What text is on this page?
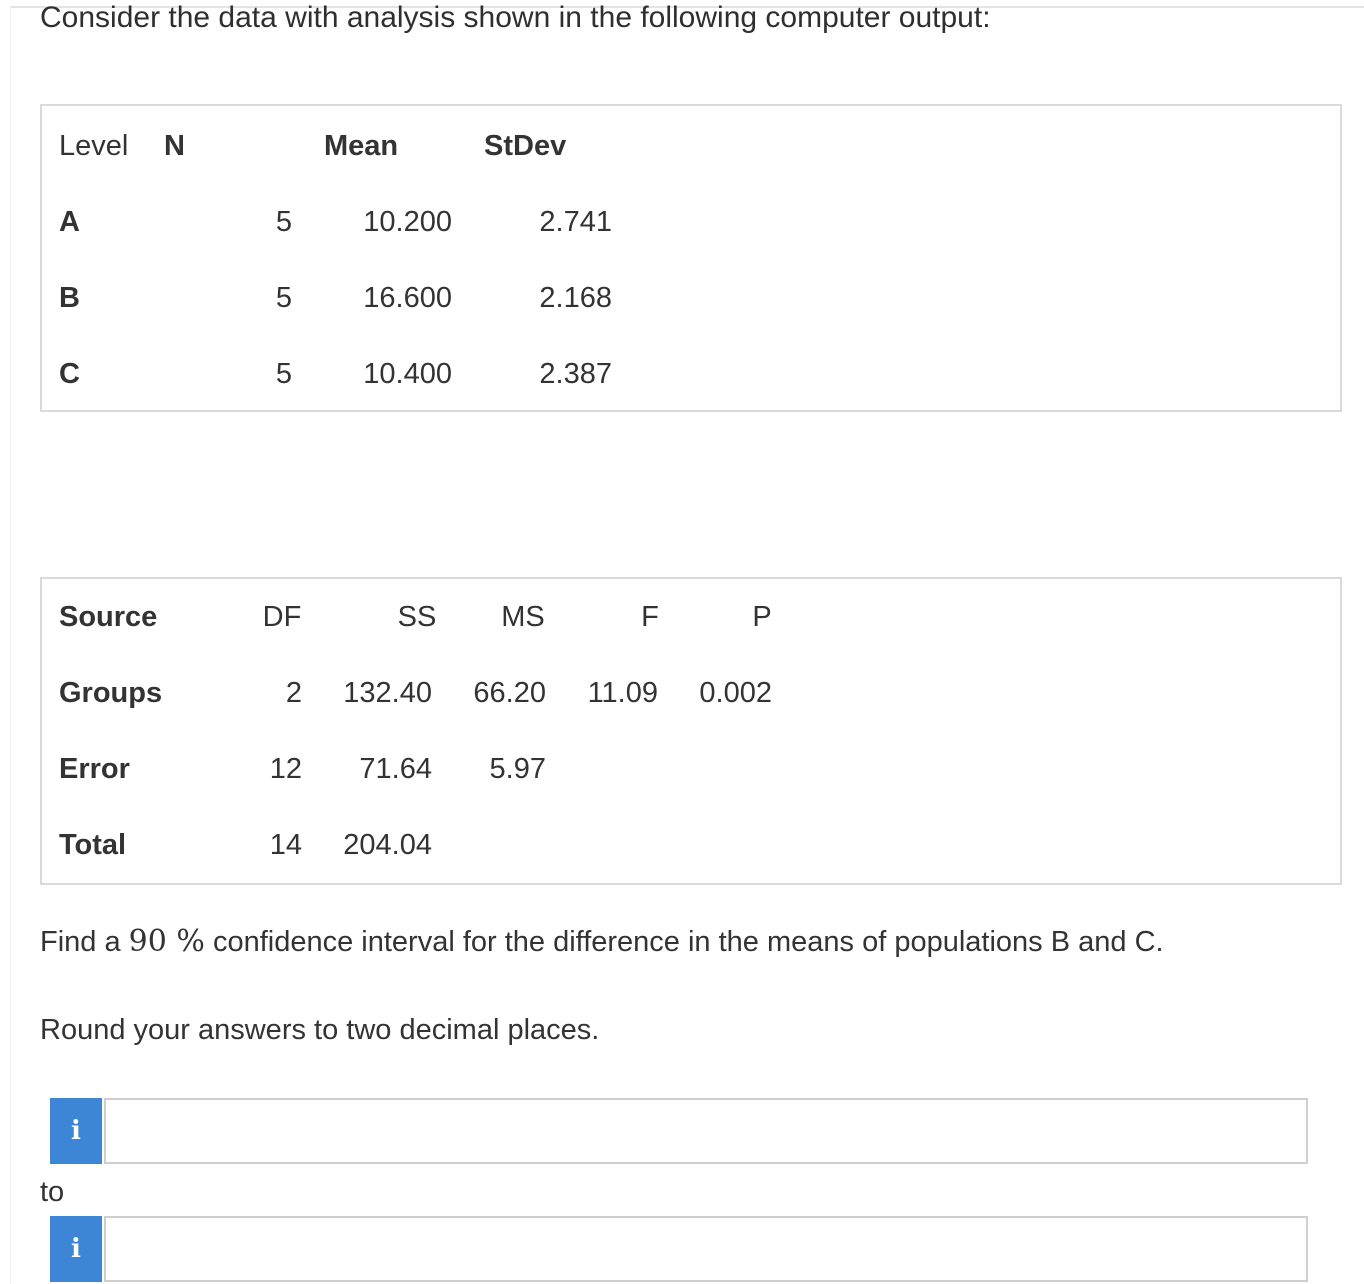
Consider the data with analysis shown in the following computer output:
Level N	Mean	StDev
A	5	10.200	2.741
B	5	16.600	2.168
C	5	10.400	2.387
Source	DF	SS	MS	F	P
Groups	2	132.40	66.20	11.09	0.002
Error	12	71.64	5.97
Total	14	204.04
Find a 90 % confidence interval for the difference in the means of populations B and C.
Round your answers to two decimal places.
i
to
i
